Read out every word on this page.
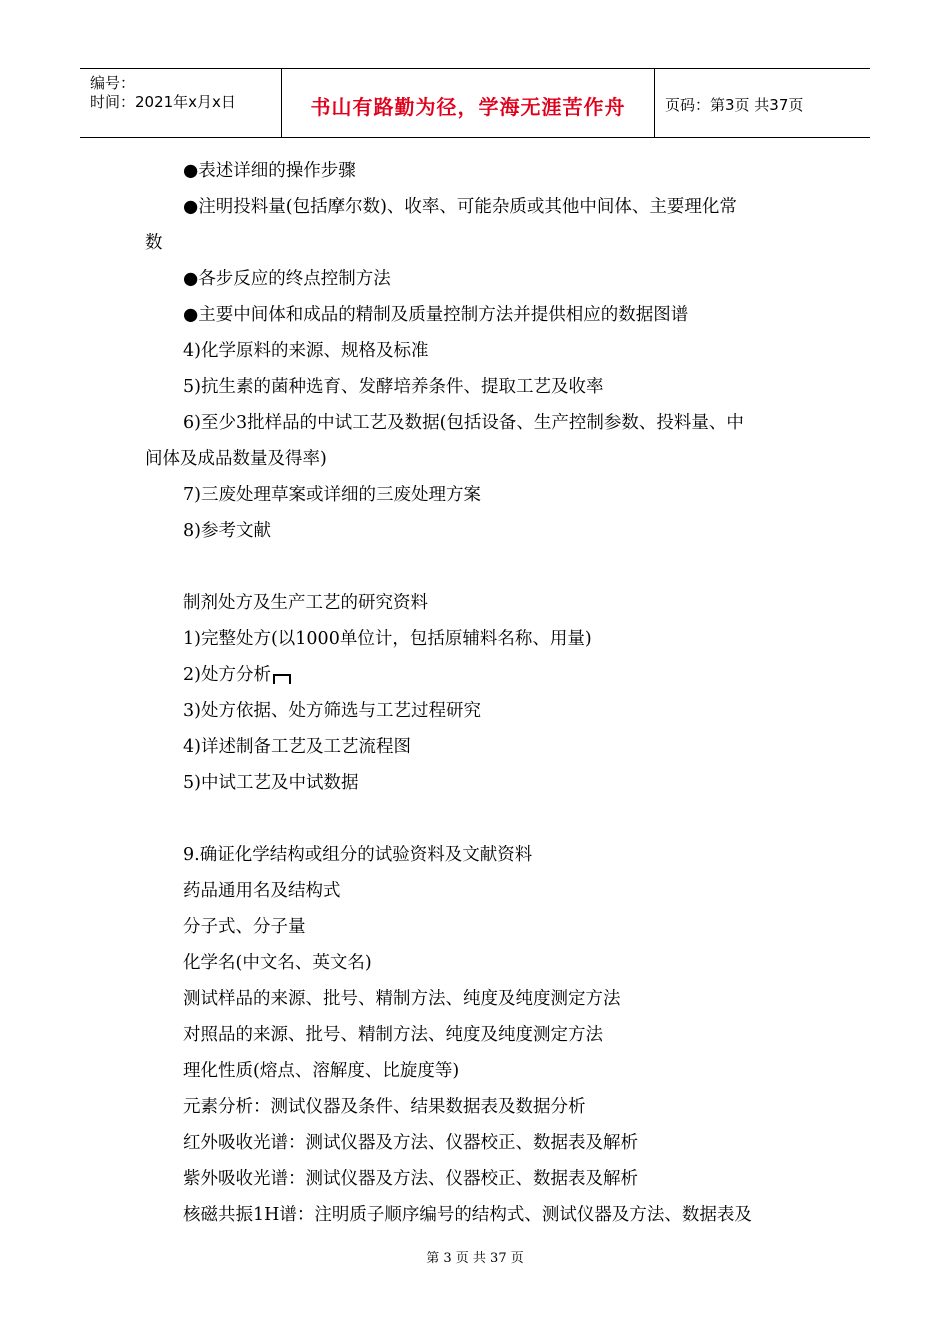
编号：
时间：2021年x月x日	书山有路勤为径，学海无涯苦作舟	页码：第3页 共37页
●表述详细的操作步骤
●注明投料量(包括摩尔数)、收率、可能杂质或其他中间体、主要理化常
数
●各步反应的终点控制方法
●主要中间体和成品的精制及质量控制方法并提供相应的数据图谱
4)化学原料的来源、规格及标准
5)抗生素的菌种选育、发酵培养条件、提取工艺及收率
6)至少3批样品的中试工艺及数据(包括设备、生产控制参数、投料量、中
间体及成品数量及得率)
7)三废处理草案或详细的三废处理方案
8)参考文献
制剂处方及生产工艺的研究资料
1)完整处方(以1000单位计，包括原辅料名称、用量)
2)处方分析
3)处方依据、处方筛选与工艺过程研究
4)详述制备工艺及工艺流程图
5)中试工艺及中试数据
9.确证化学结构或组分的试验资料及文献资料
药品通用名及结构式
分子式、分子量
化学名(中文名、英文名)
测试样品的来源、批号、精制方法、纯度及纯度测定方法
对照品的来源、批号、精制方法、纯度及纯度测定方法
理化性质(熔点、溶解度、比旋度等)
元素分析：测试仪器及条件、结果数据表及数据分析
红外吸收光谱：测试仪器及方法、仪器校正、数据表及解析
紫外吸收光谱：测试仪器及方法、仪器校正、数据表及解析
核磁共振1H谱：注明质子顺序编号的结构式、测试仪器及方法、数据表及
第 3 页 共 37 页
